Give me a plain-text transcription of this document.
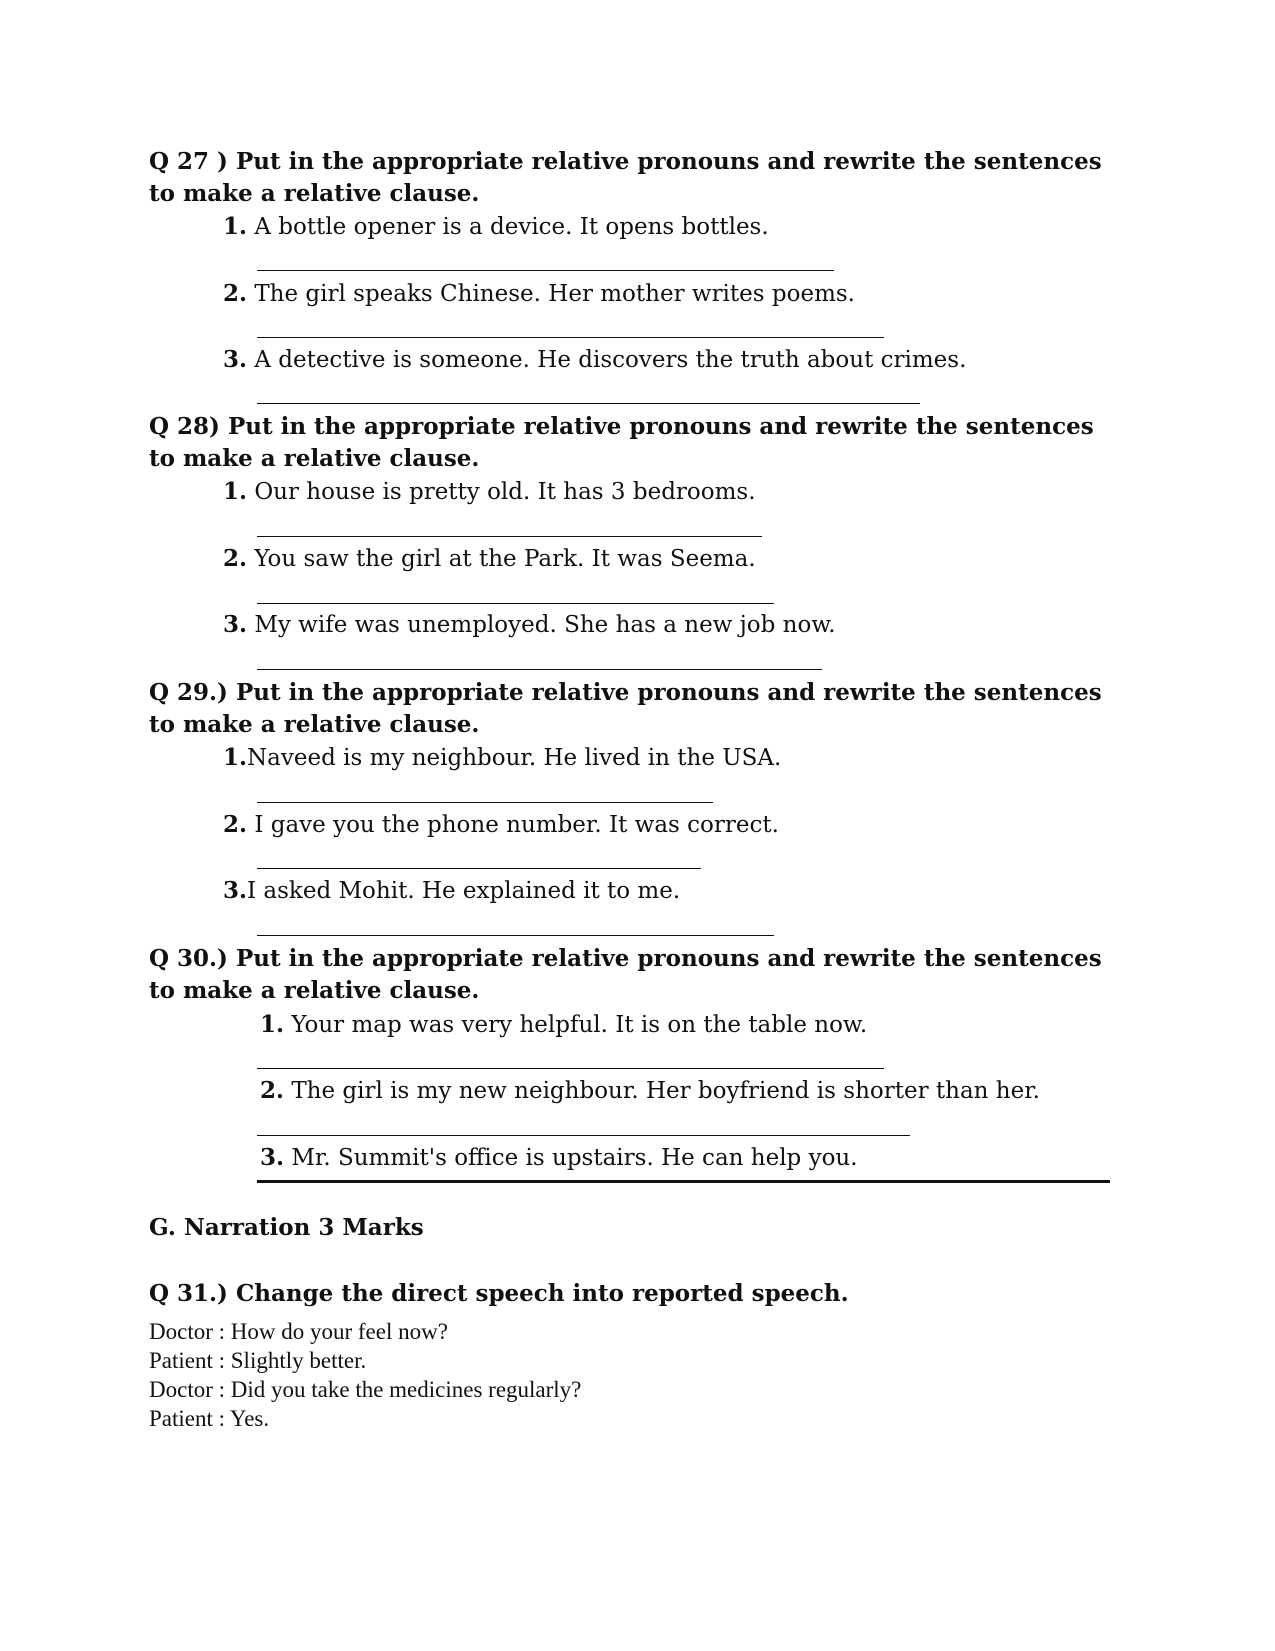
Q 27 ) Put in the appropriate relative pronouns and rewrite the sentences to make a relative clause.

1. A bottle opener is a device. It opens bottles.

2. The girl speaks Chinese. Her mother writes poems.

3. A detective is someone. He discovers the truth about crimes.

Q 28) Put in the appropriate relative pronouns and rewrite the sentences to make a relative clause.

1. Our house is pretty old. It has 3 bedrooms.

2. You saw the girl at the Park. It was Seema.

3. My wife was unemployed. She has a new job now.

Q 29.) Put in the appropriate relative pronouns and rewrite the sentences to make a relative clause.

1.Naveed is my neighbour. He lived in the USA.

2. I gave you the phone number. It was correct.

3.I asked Mohit. He explained it to me.

Q 30.) Put in the appropriate relative pronouns and rewrite the sentences to make a relative clause.

1. Your map was very helpful. It is on the table now.

2. The girl is my new neighbour. Her boyfriend is shorter than her.

3. Mr. Summit's office is upstairs. He can help you.

G. Narration 3 Marks

Q 31.) Change the direct speech into reported speech.

Doctor : How do your feel now?
Patient : Slightly better.
Doctor : Did you take the medicines regularly?
Patient : Yes.
